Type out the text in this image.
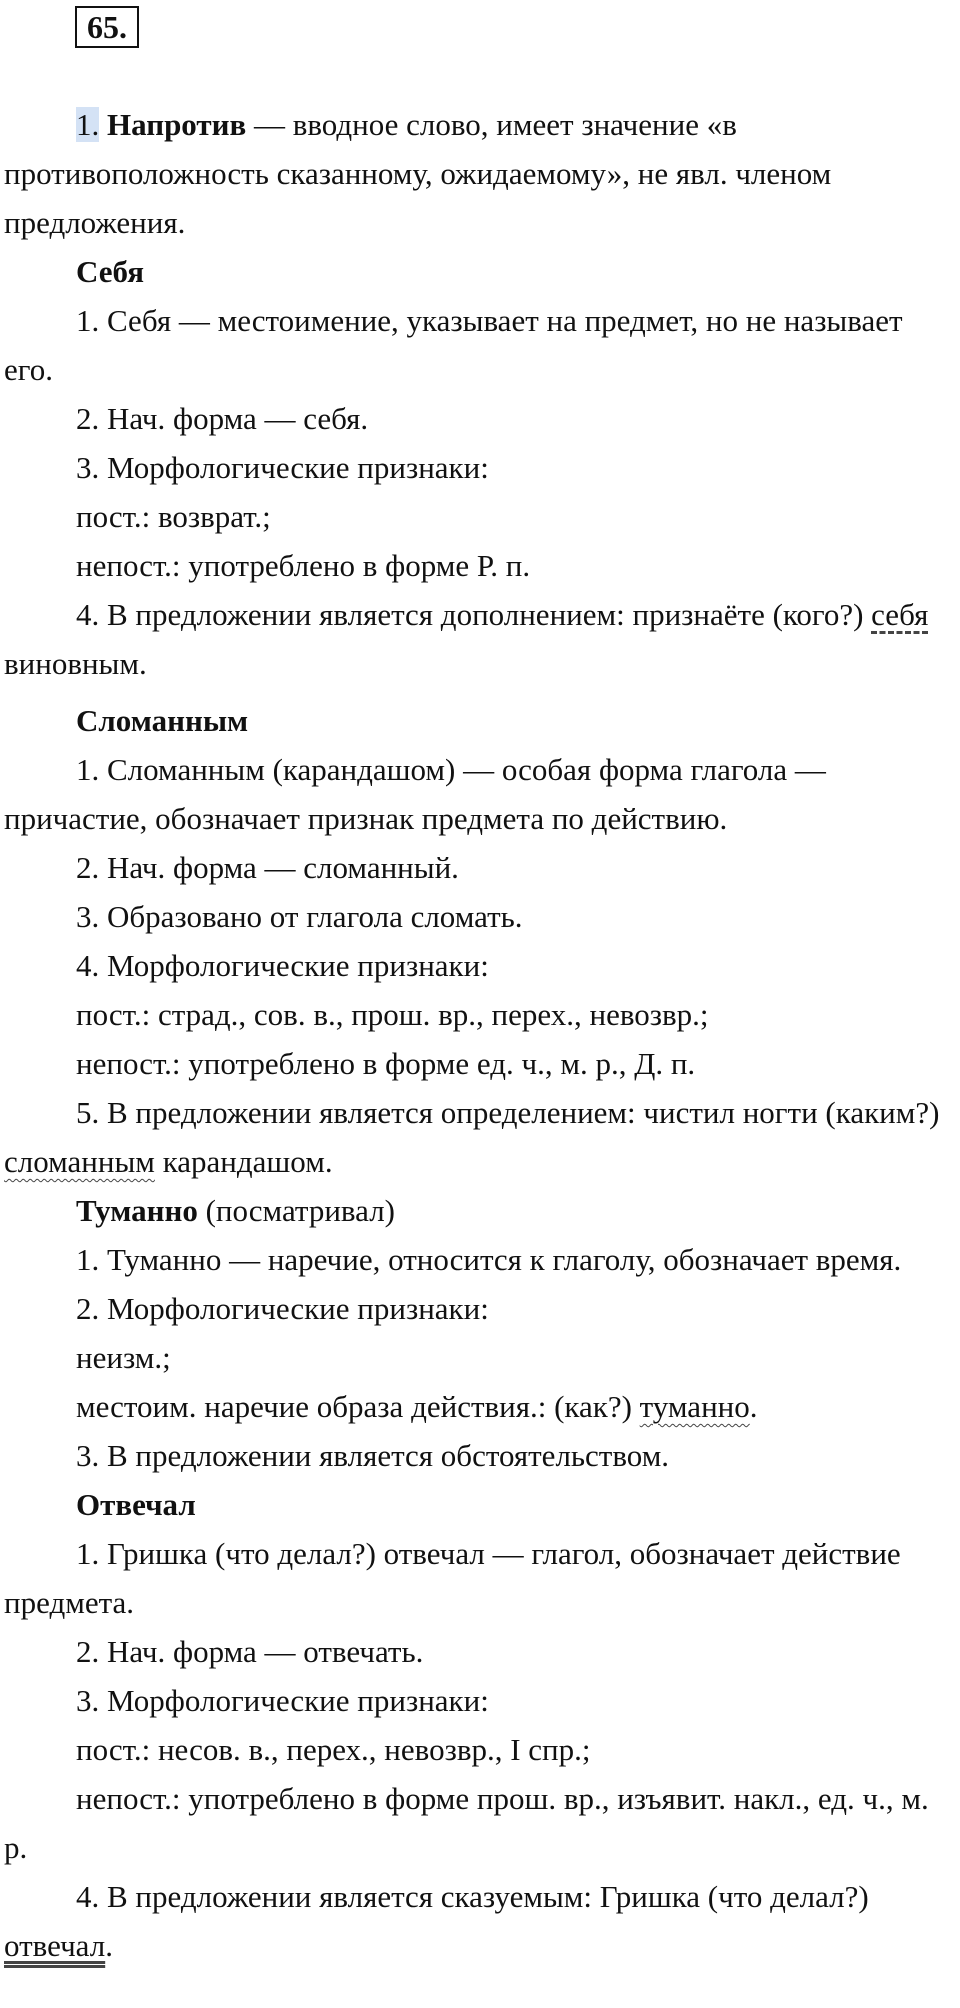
65.

1. Напротив — вводное слово, имеет значение «в противоположность сказанному, ожидаемому», не явл. членом предложения.

Себя

1. Себя — местоимение, указывает на предмет, но не называет его.

2. Нач. форма — себя.

3. Морфологические признаки:

пост.: возврат.;

непост.: употреблено в форме Р. п.

4. В предложении является дополнением: признаёте (кого?) себя виновным.

Сломанным

1. Сломанным (карандашом) — особая форма глагола — причастие, обозначает признак предмета по действию.

2. Нач. форма — сломанный.

3. Образовано от глагола сломать.

4. Морфологические признаки:

пост.: страд., сов. в., прош. вр., перех., невозвр.;

непост.: употреблено в форме ед. ч., м. р., Д. п.

5. В предложении является определением: чистил ногти (каким?) сломанным карандашом.

Туманно (посматривал)

1. Туманно — наречие, относится к глаголу, обозначает время.

2. Морфологические признаки:

неизм.;

местоим. наречие образа действия.: (как?) туманно.

3. В предложении является обстоятельством.

Отвечал

1. Гришка (что делал?) отвечал — глагол, обозначает действие предмета.

2. Нач. форма — отвечать.

3. Морфологические признаки:

пост.: несов. в., перех., невозвр., I спр.;

непост.: употреблено в форме прош. вр., изъявит. накл., ед. ч., м. р.

4. В предложении является сказуемым: Гришка (что делал?) отвечал.
